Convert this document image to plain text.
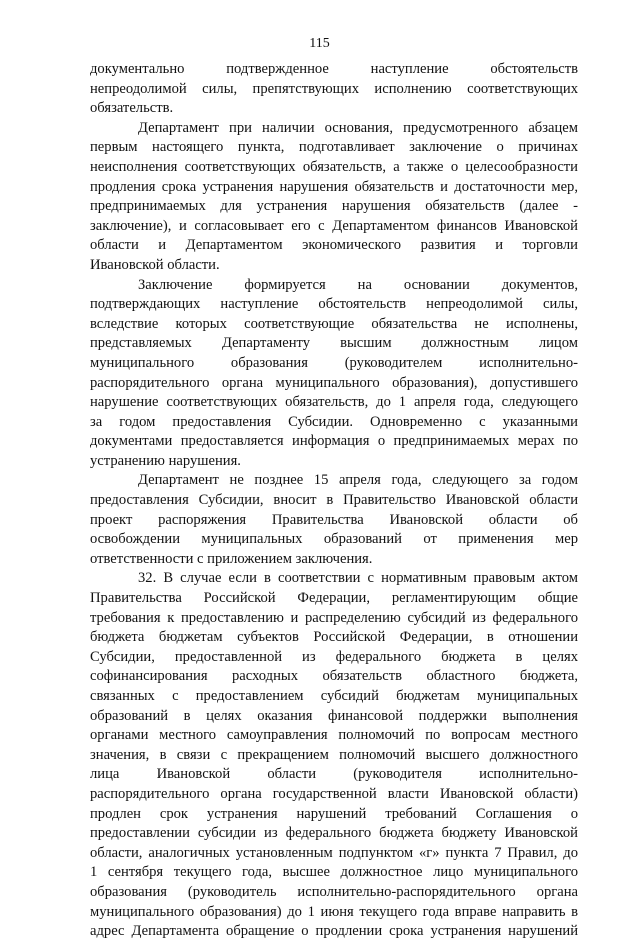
115
документально подтвержденное наступление обстоятельств
непреодолимой силы, препятствующих исполнению соответствующих
обязательств.
Департамент при наличии основания, предусмотренного абзацем
первым настоящего пункта, подготавливает заключение о причинах
неисполнения соответствующих обязательств, а также о целесообразности
продления срока устранения нарушения обязательств и достаточности мер,
предпринимаемых для устранения нарушения обязательств (далее -
заключение), и согласовывает его с Департаментом финансов Ивановской
области и Департаментом экономического развития и торговли
Ивановской области.
Заключение формируется на основании документов,
подтверждающих наступление обстоятельств непреодолимой силы,
вследствие которых соответствующие обязательства не исполнены,
представляемых Департаменту высшим должностным лицом
муниципального образования (руководителем исполнительно-
распорядительного органа муниципального образования), допустившего
нарушение соответствующих обязательств, до 1 апреля года, следующего
за годом предоставления Субсидии. Одновременно с указанными
документами предоставляется информация о предпринимаемых мерах по
устранению нарушения.
Департамент не позднее 15 апреля года, следующего за годом
предоставления Субсидии, вносит в Правительство Ивановской области
проект распоряжения Правительства Ивановской области об
освобождении муниципальных образований от применения мер
ответственности с приложением заключения.
32. В случае если в соответствии с нормативным правовым актом
Правительства Российской Федерации, регламентирующим общие
требования к предоставлению и распределению субсидий из федерального
бюджета бюджетам субъектов Российской Федерации, в отношении
Субсидии, предоставленной из федерального бюджета в целях
софинансирования расходных обязательств областного бюджета,
связанных с предоставлением субсидий бюджетам муниципальных
образований в целях оказания финансовой поддержки выполнения
органами местного самоуправления полномочий по вопросам местного
значения, в связи с прекращением полномочий высшего должностного
лица Ивановской области (руководителя исполнительно-
распорядительного органа государственной власти Ивановской области)
продлен срок устранения нарушений требований Соглашения о
предоставлении субсидии из федерального бюджета бюджету Ивановской
области, аналогичных установленным подпунктом «г» пункта 7 Правил, до
1 сентября текущего года, высшее должностное лицо муниципального
образования (руководитель исполнительно-распорядительного органа
муниципального образования) до 1 июня текущего года вправе направить в
адрес Департамента обращение о продлении срока устранения нарушений
